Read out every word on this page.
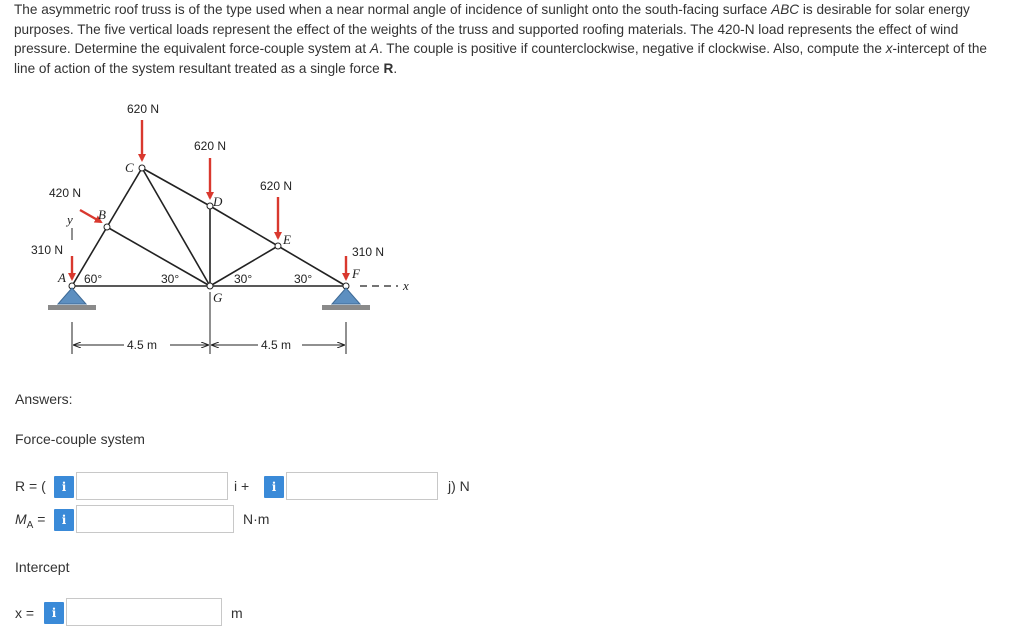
The asymmetric roof truss is of the type used when a near normal angle of incidence of sunlight onto the south-facing surface ABC is desirable for solar energy purposes. The five vertical loads represent the effect of the weights of the truss and supported roofing materials. The 420-N load represents the effect of wind pressure. Determine the equivalent force-couple system at A. The couple is positive if counterclockwise, negative if clockwise. Also, compute the x-intercept of the line of action of the system resultant treated as a single force R.
x
y
620 N
620 N
620 N
420 N
310 N	310 N
A
B
C
D
E
F
G
60°	30°	30°	30°
4.5 m	4.5 m
Answers:
Force-couple system
R = (	i	i +	i	j) N
$M_A$ =	i	N·m
Intercept
x =	i	m
